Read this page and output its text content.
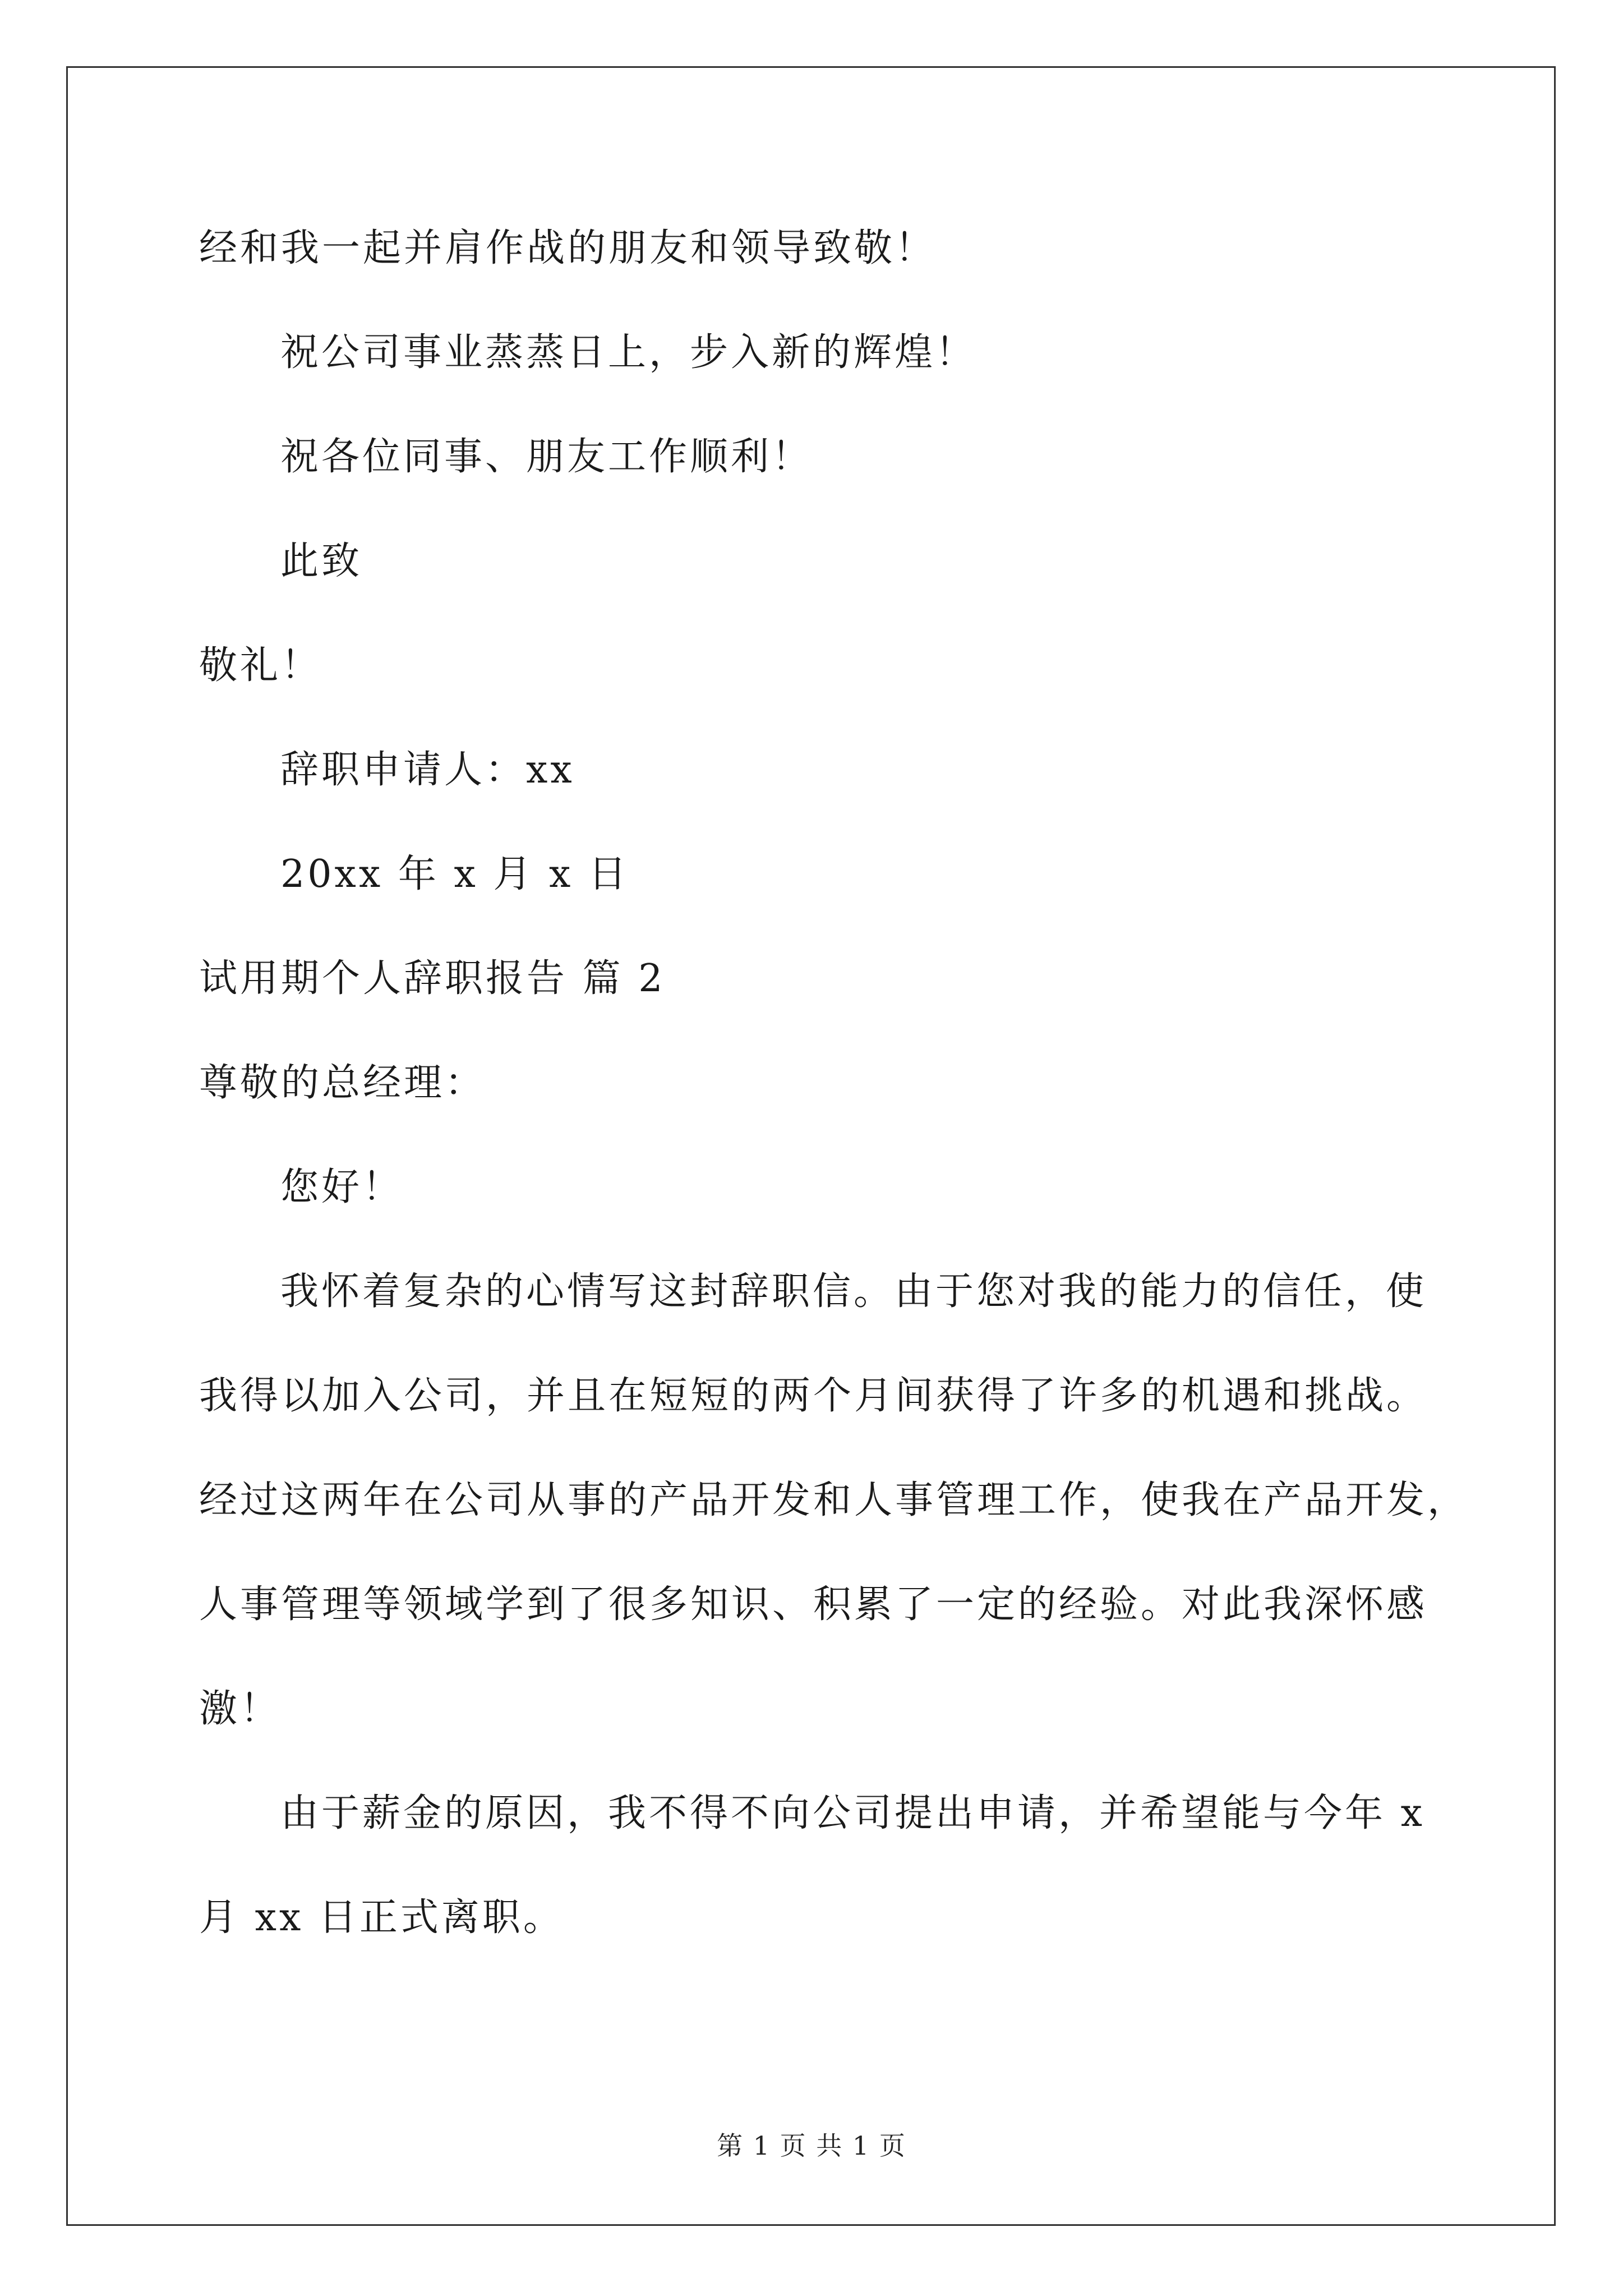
经和我一起并肩作战的朋友和领导致敬！
祝公司事业蒸蒸日上，步入新的辉煌！
祝各位同事、朋友工作顺利！
此致
敬礼！
辞职申请人：xx
20xx 年 x 月 x 日
试用期个人辞职报告 篇 2
尊敬的总经理：
您好！
我怀着复杂的心情写这封辞职信。由于您对我的能力的信任，使
我得以加入公司，并且在短短的两个月间获得了许多的机遇和挑战。
经过这两年在公司从事的产品开发和人事管理工作，使我在产品开发，
人事管理等领域学到了很多知识、积累了一定的经验。对此我深怀感
激！
由于薪金的原因，我不得不向公司提出申请，并希望能与今年 x
月 xx 日正式离职。
第 1 页 共 1 页
